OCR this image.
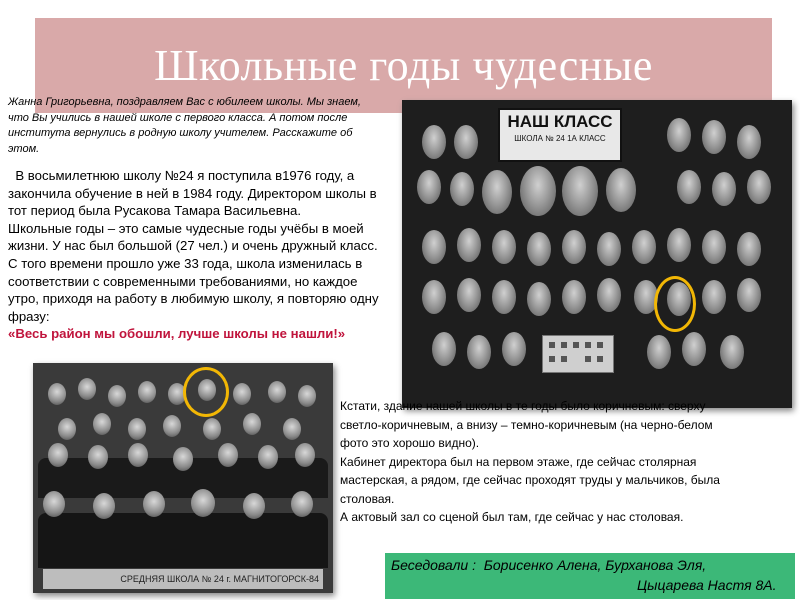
Школьные годы чудесные
Жанна Григорьевна, поздравляем Вас с юбилеем школы. Мы знаем,
что Вы учились в нашей школе с первого класса. А потом после
института вернулись в родную школу учителем. Расскажите об
этом.
В восьмилетнюю школу №24 я поступила в1976 году, а
закончила обучение в ней в 1984 году. Директором школы в
тот период была Русакова Тамара Васильевна.
Школьные годы – это самые чудесные годы учёбы в моей
жизни. У нас был большой (27 чел.) и очень дружный класс.
С того времени прошло уже 33 года, школа изменилась в
соответствии с современными требованиями, но каждое
утро, приходя на работу в любимую школу, я повторяю одну
фразу:
«Весь район мы обошли, лучше школы не нашли!»
НАШ КЛАСС
ШКОЛА № 24 1А КЛАСС
СРЕДНЯЯ ШКОЛА № 24 г. МАГНИТОГОРСК-84
Кстати, здание нашей школы в те годы было коричневым: сверху
светло-коричневым, а внизу – темно-коричневым (на черно-белом
фото это хорошо видно).
Кабинет директора был на первом этаже, где сейчас столярная
мастерская, а рядом, где сейчас проходят труды у мальчиков, была
столовая.
А актовый зал со сценой был там, где сейчас у нас столовая.
Беседовали :  Борисенко Алена, Бурханова Эля,
Цыцарева Настя 8А.
